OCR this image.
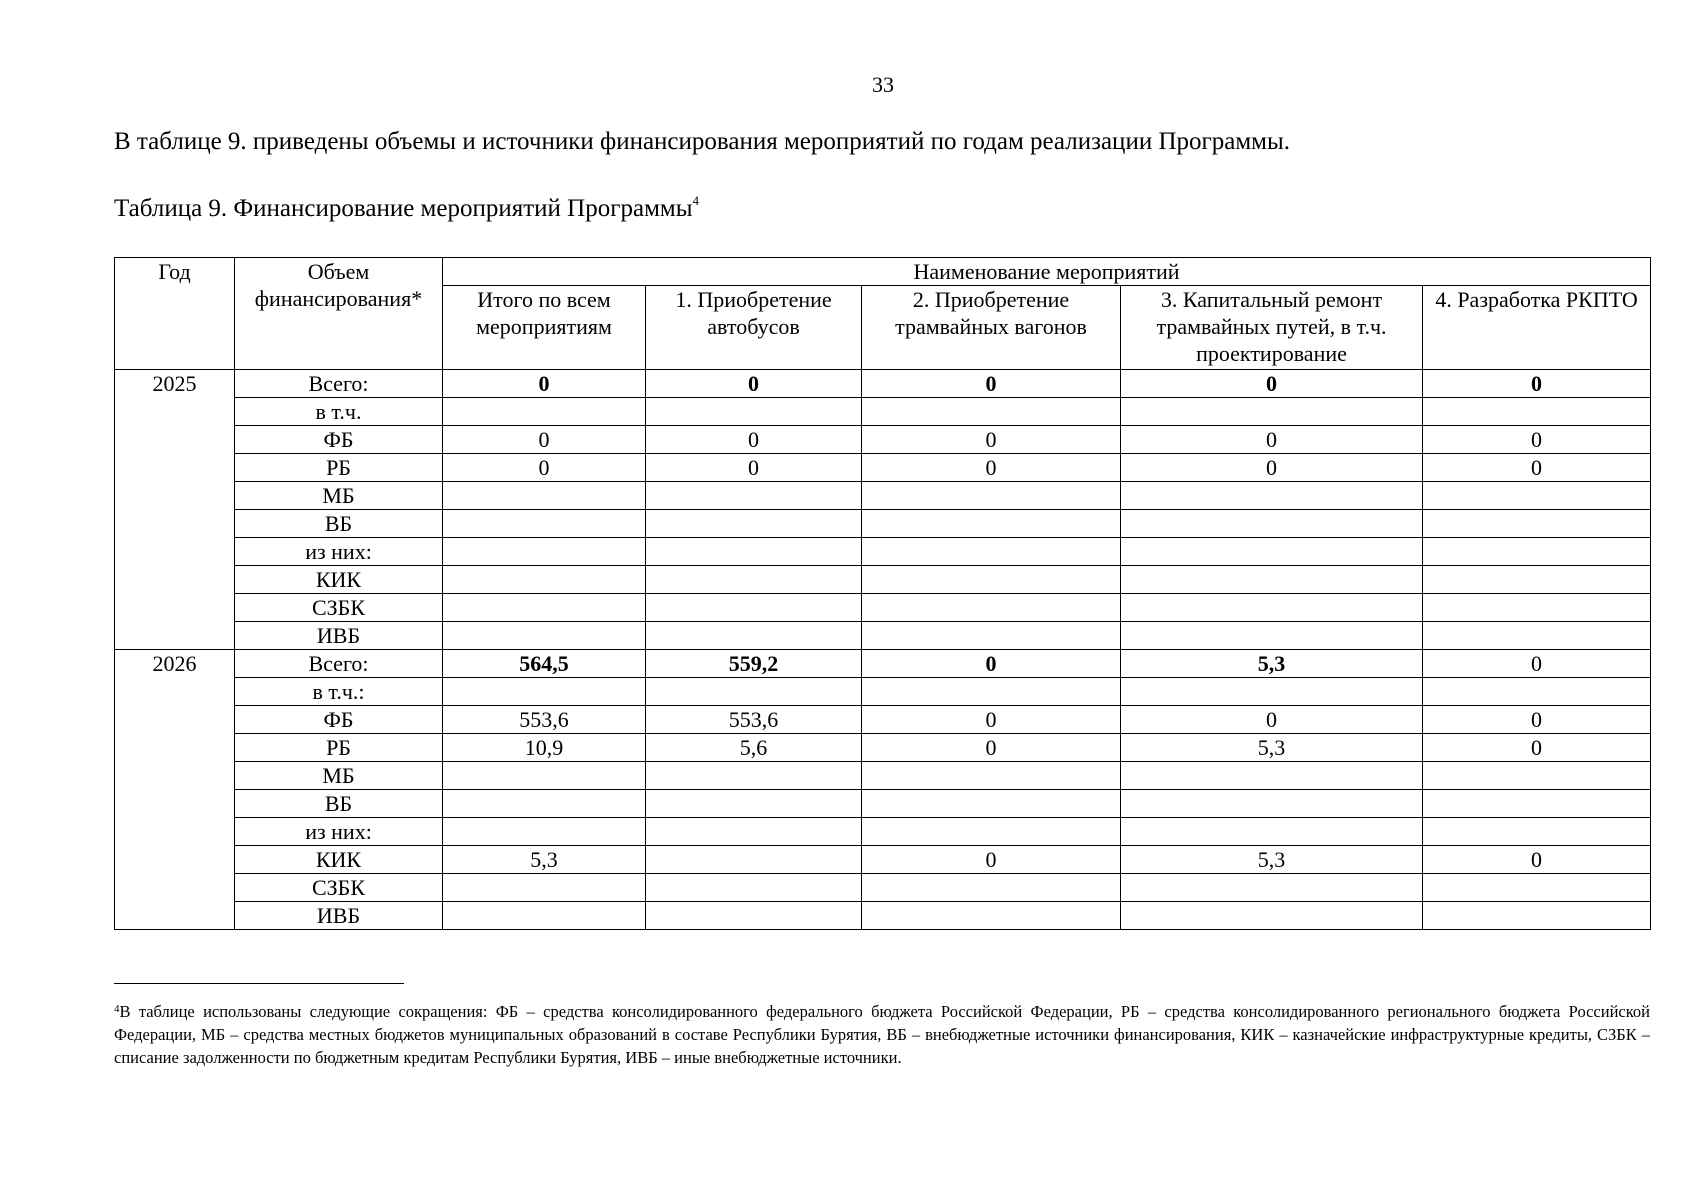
33
В таблице 9. приведены объемы и источники финансирования мероприятий по годам реализации Программы.
Таблица 9. Финансирование мероприятий Программы$^4$
Год	Объем финансирования*	Наименование мероприятий				
		Итого по всем мероприятиям	1. Приобретение автобусов	2. Приобретение трамвайных вагонов	3. Капитальный ремонт трамвайных путей, в т.ч. проектирование	4. Разработка РКПТО
2025	Всего:	0	0	0	0	0
	в т.ч.					
	ФБ	0	0	0	0	0
	РБ	0	0	0	0	0
	МБ					
	ВБ					
	из них:					
	КИК					
	СЗБК					
	ИВБ					
2026	Всего:	564,5	559,2	0	5,3	0
	в т.ч.:					
	ФБ	553,6	553,6	0	0	0
	РБ	10,9	5,6	0	5,3	0
	МБ					
	ВБ					
	из них:					
	КИК	5,3		0	5,3	0
	СЗБК					
	ИВБ					
$^4$В таблице использованы следующие сокращения: ФБ – средства консолидированного федерального бюджета Российской Федерации, РБ – средства консолидированного регионального бюджета Российской Федерации, МБ – средства местных бюджетов муниципальных образований в составе Республики Бурятия, ВБ – внебюджетные источники финансирования, КИК – казначейские инфраструктурные кредиты, СЗБК – списание задолженности по бюджетным кредитам Республики Бурятия, ИВБ – иные внебюджетные источники.
